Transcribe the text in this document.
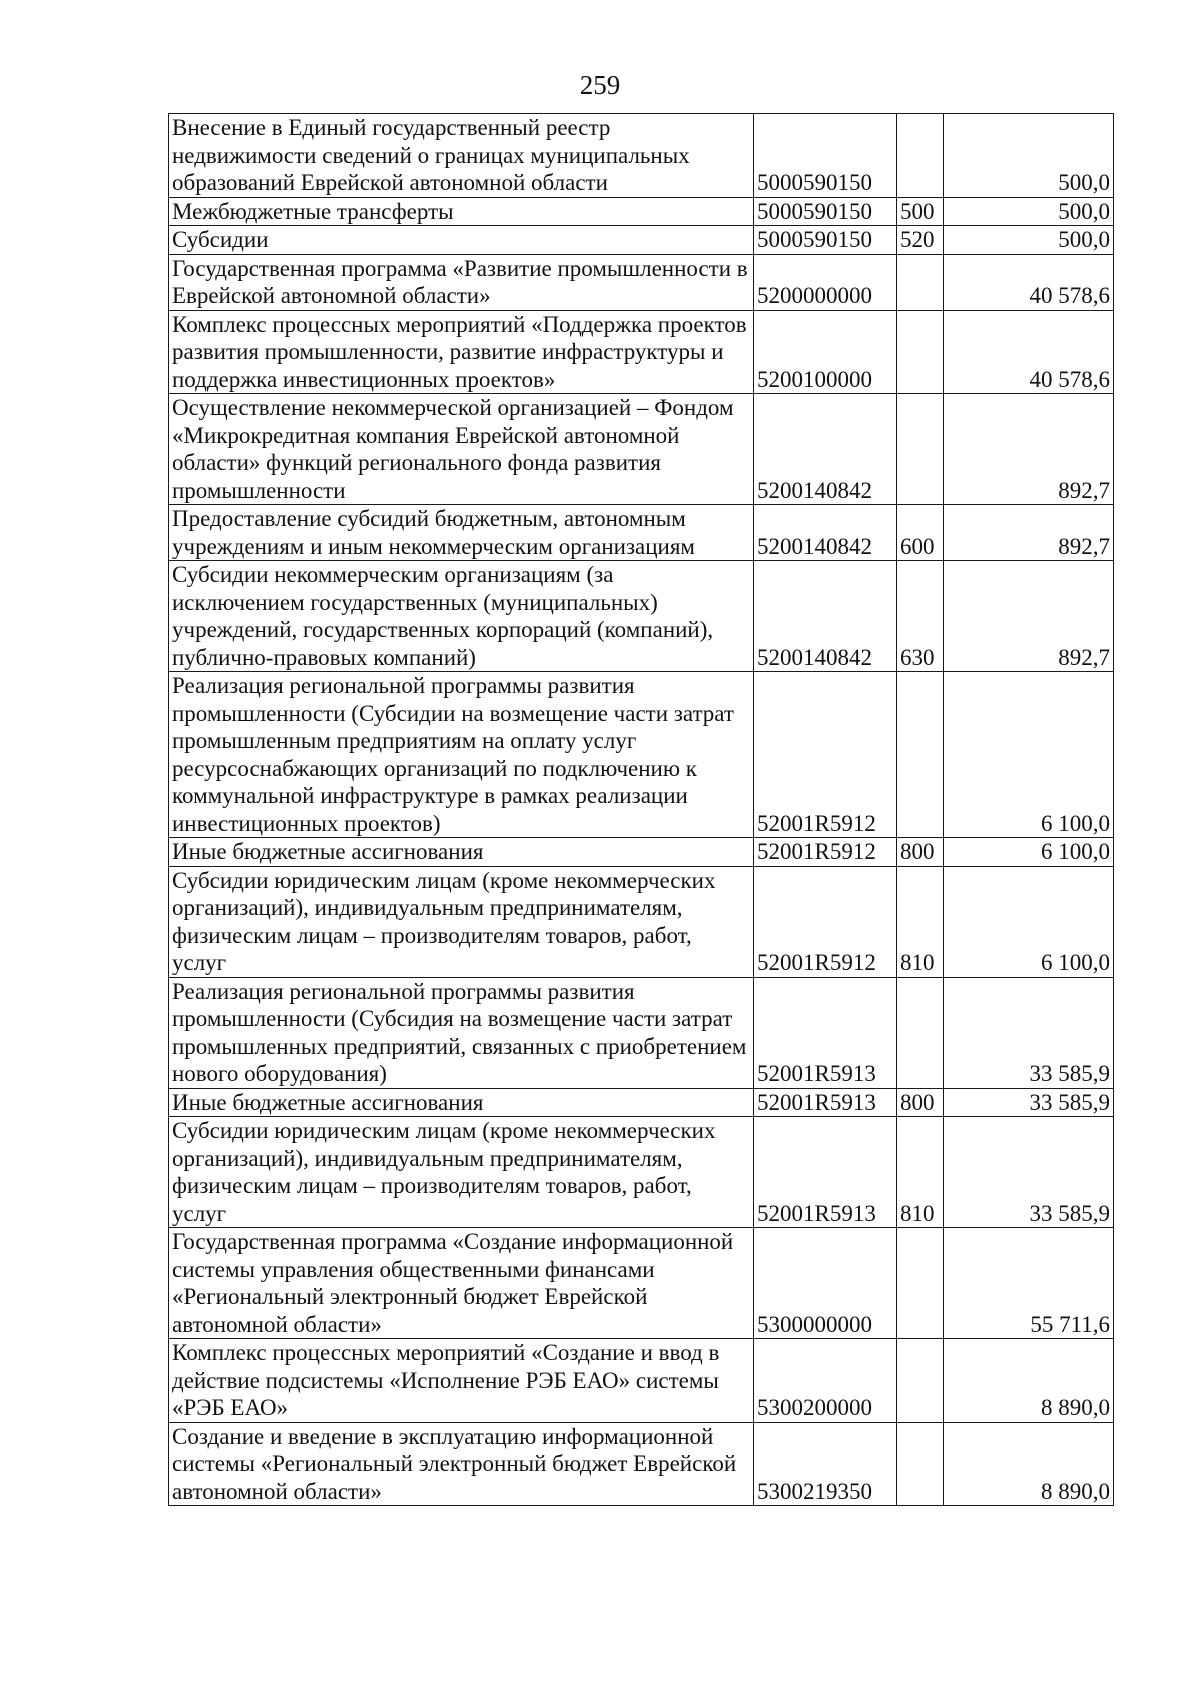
259
Внесение в Единый государственный реестр недвижимости сведений о границах муниципальных образований Еврейской автономной области	5000590150		500,0
Межбюджетные трансферты	5000590150	500	500,0
Субсидии	5000590150	520	500,0
Государственная программа «Развитие промышленности в Еврейской автономной области»	5200000000		40 578,6
Комплекс процессных мероприятий «Поддержка проектов развития промышленности, развитие инфраструктуры и поддержка инвестиционных проектов»	5200100000		40 578,6
Осуществление некоммерческой организацией – Фондом «Микрокредитная компания Еврейской автономной области» функций регионального фонда развития промышленности	5200140842		892,7
Предоставление субсидий бюджетным, автономным учреждениям и иным некоммерческим организациям	5200140842	600	892,7
Субсидии некоммерческим организациям (за исключением государственных (муниципальных) учреждений, государственных корпораций (компаний), публично-правовых компаний)	5200140842	630	892,7
Реализация региональной программы развития промышленности (Субсидии на возмещение части затрат промышленным предприятиям на оплату услуг ресурсоснабжающих организаций по подключению к коммунальной инфраструктуре в рамках реализации инвестиционных проектов)	52001R5912		6 100,0
Иные бюджетные ассигнования	52001R5912	800	6 100,0
Субсидии юридическим лицам (кроме некоммерческих организаций), индивидуальным предпринимателям, физическим лицам – производителям товаров, работ, услуг	52001R5912	810	6 100,0
Реализация региональной программы развития промышленности (Субсидия на возмещение части затрат промышленных предприятий, связанных с приобретением нового оборудования)	52001R5913		33 585,9
Иные бюджетные ассигнования	52001R5913	800	33 585,9
Субсидии юридическим лицам (кроме некоммерческих организаций), индивидуальным предпринимателям, физическим лицам – производителям товаров, работ, услуг	52001R5913	810	33 585,9
Государственная программа «Создание информационной системы управления общественными финансами «Региональный электронный бюджет Еврейской автономной области»	5300000000		55 711,6
Комплекс процессных мероприятий «Создание и ввод в действие подсистемы «Исполнение РЭБ ЕАО» системы «РЭБ ЕАО»	5300200000		8 890,0
Создание и введение в эксплуатацию информационной системы «Региональный электронный бюджет Еврейской автономной области»	5300219350		8 890,0
